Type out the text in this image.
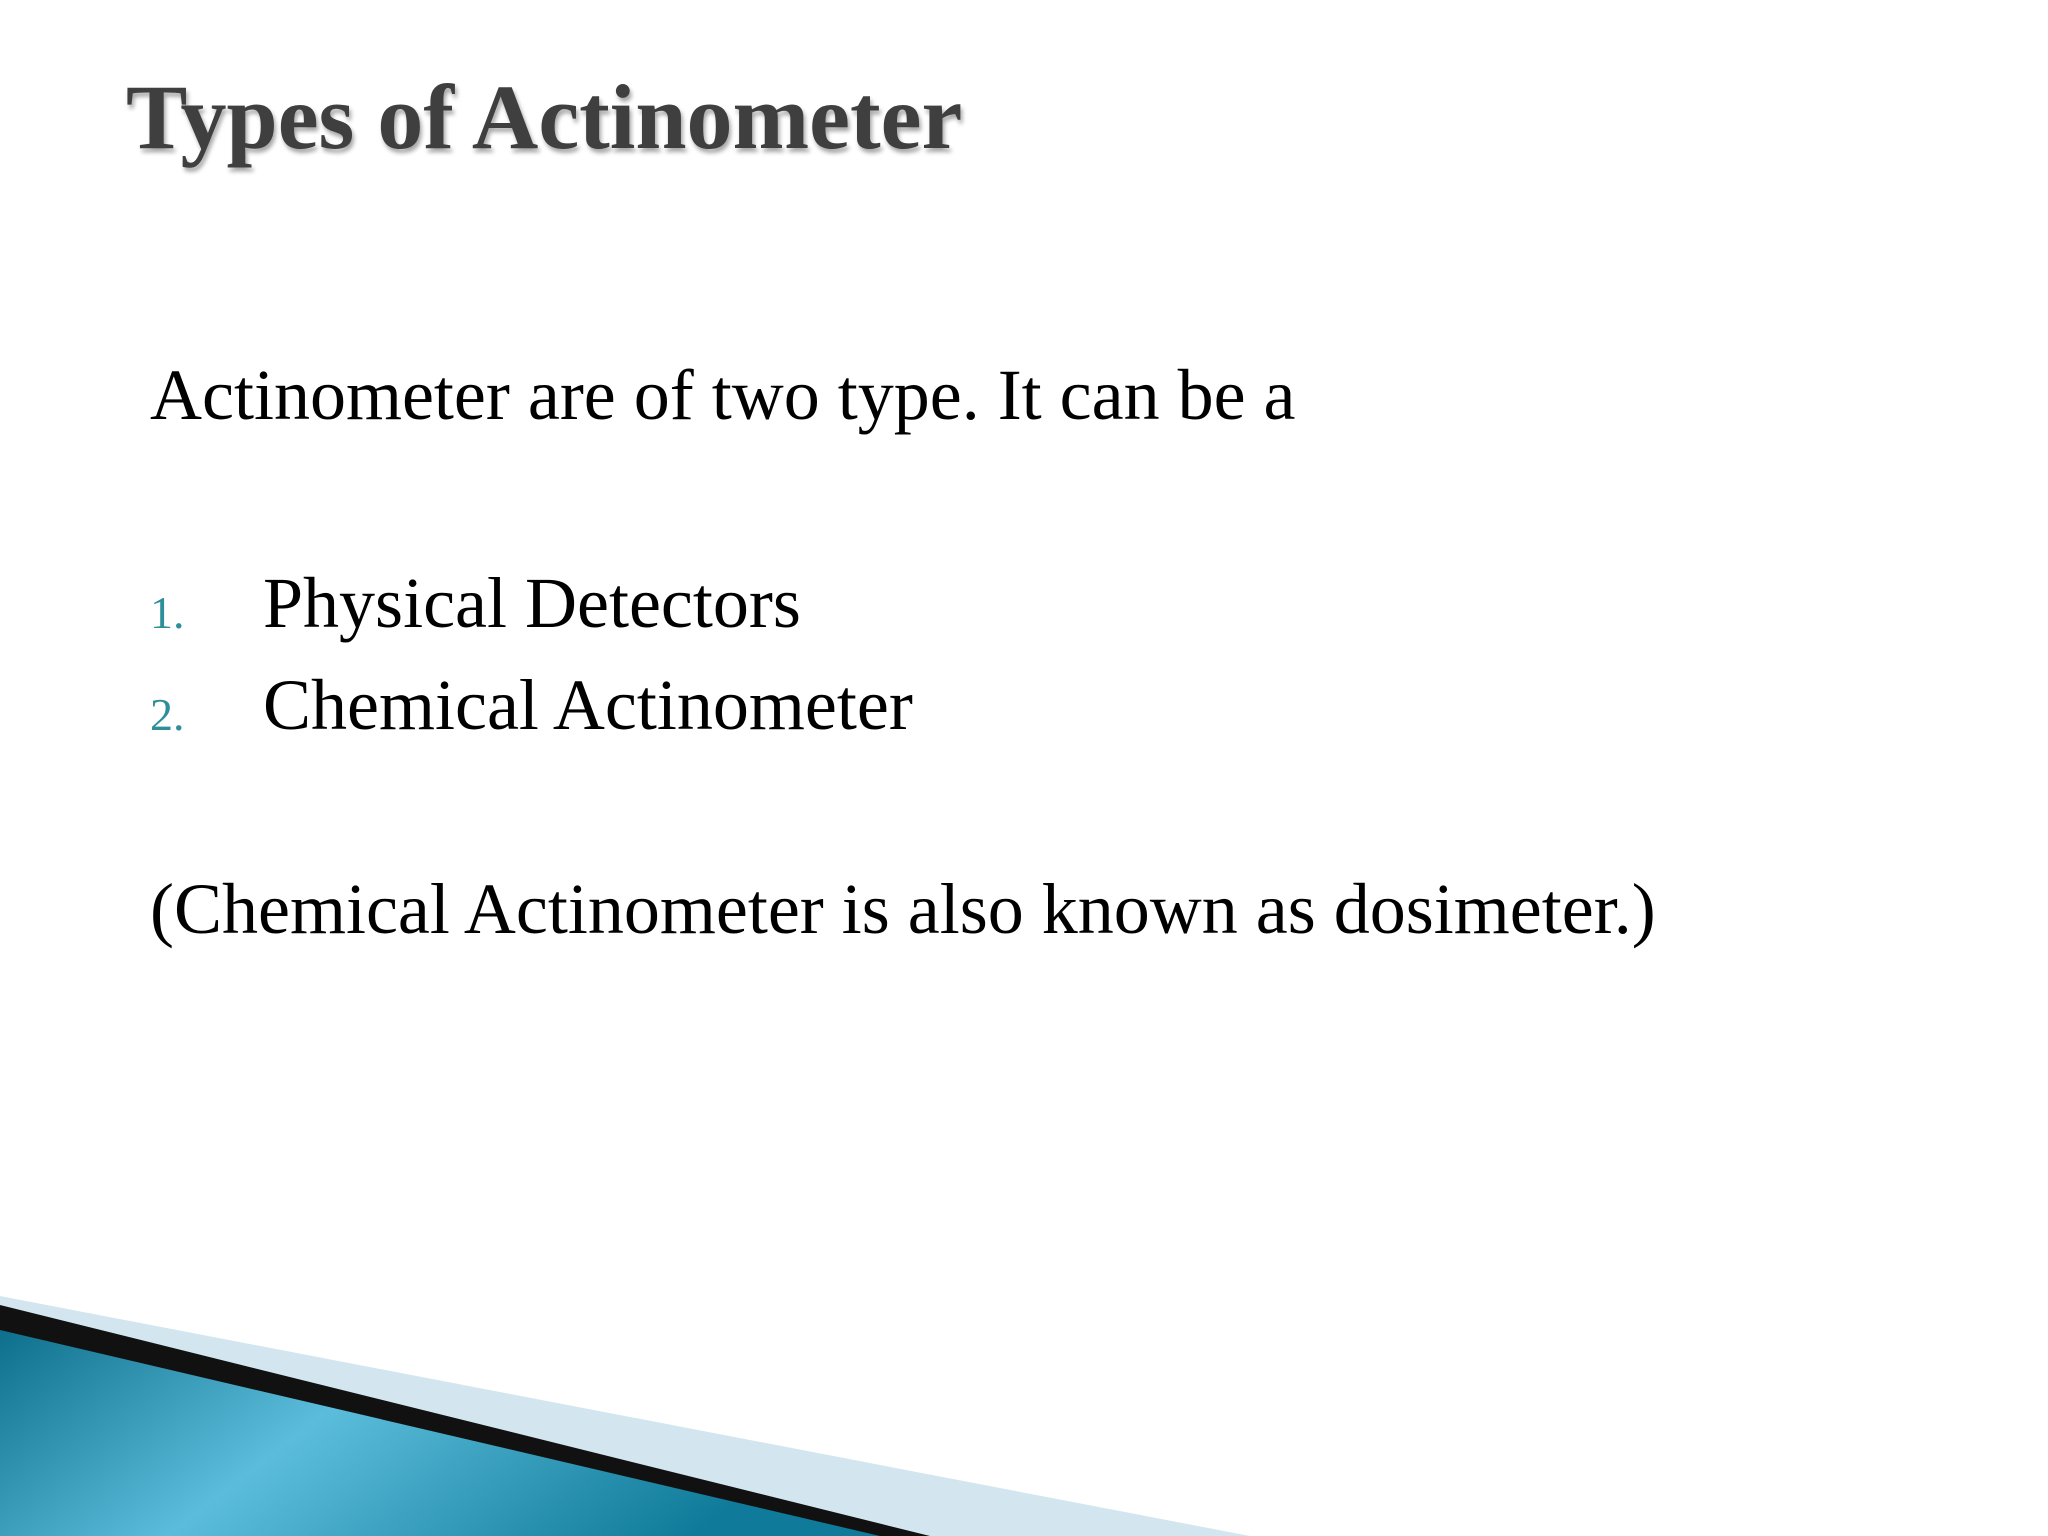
Types of Actinometer

Actinometer are of two type. It can be a

1. Physical Detectors
2. Chemical Actinometer

(Chemical Actinometer is also known as dosimeter.)
